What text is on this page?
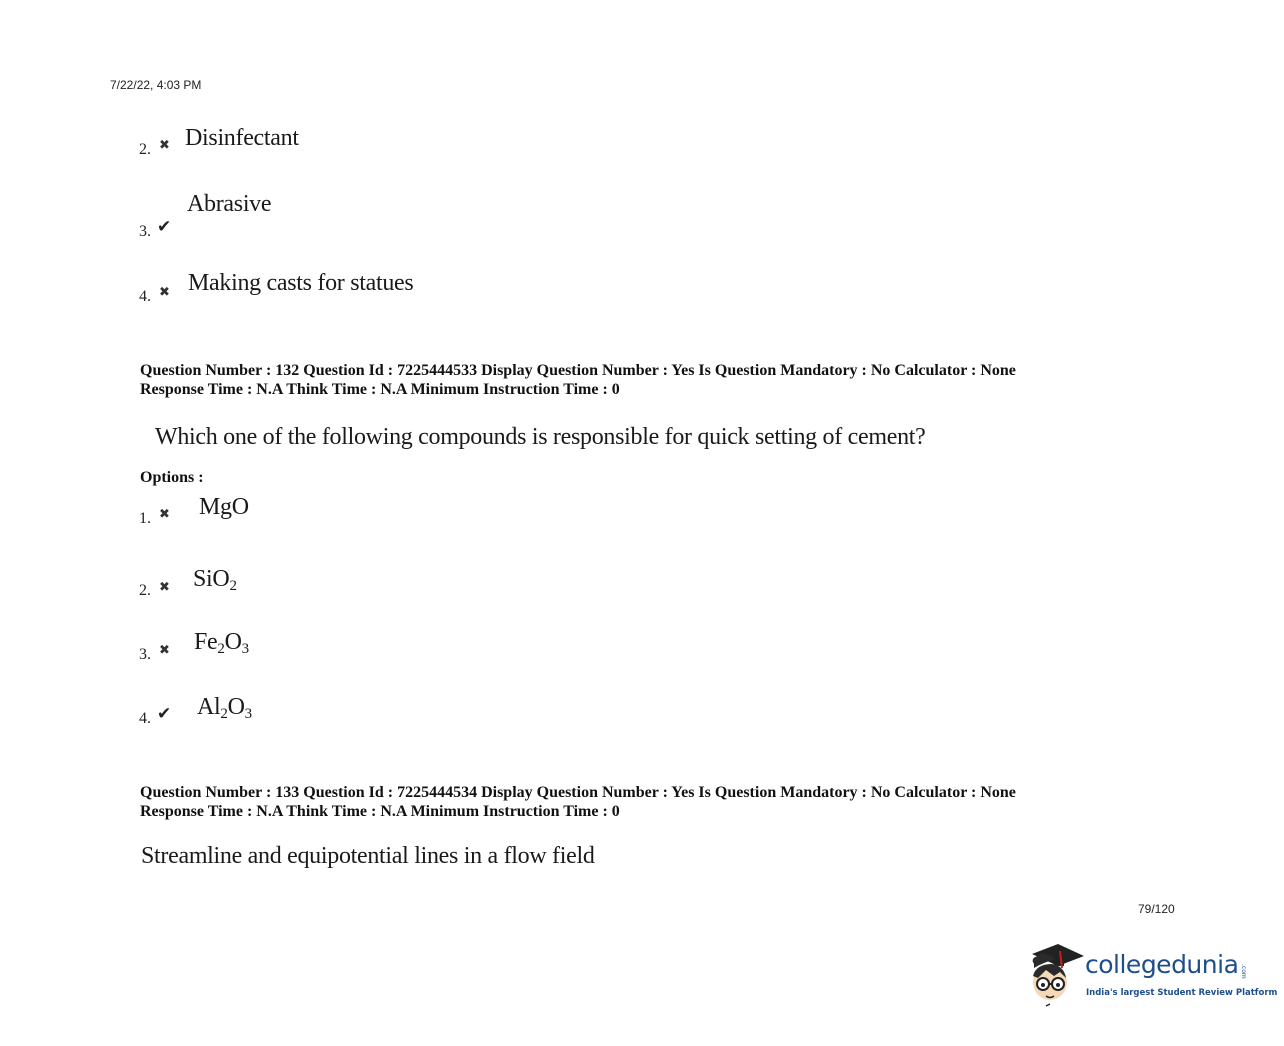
7/22/22, 4:03 PM
2. ✖ Disinfectant
3. ✔
Abrasive
4. ✖ Making casts for statues
Question Number : 132 Question Id : 7225444533 Display Question Number : Yes Is Question Mandatory : No Calculator : None
Response Time : N.A Think Time : N.A Minimum Instruction Time : 0
Which one of the following compounds is responsible for quick setting of cement?
Options :
1. ✖ MgO
2. ✖ SiO$_2$
3. ✖ $Fe_2O_3$
4. ✔ $Al_2O_3$
Question Number : 133 Question Id : 7225444534 Display Question Number : Yes Is Question Mandatory : No Calculator : None
Response Time : N.A Think Time : N.A Minimum Instruction Time : 0
Streamline and equipotential lines in a flow field
79/120
collegedunia .com
India's largest Student Review Platform
